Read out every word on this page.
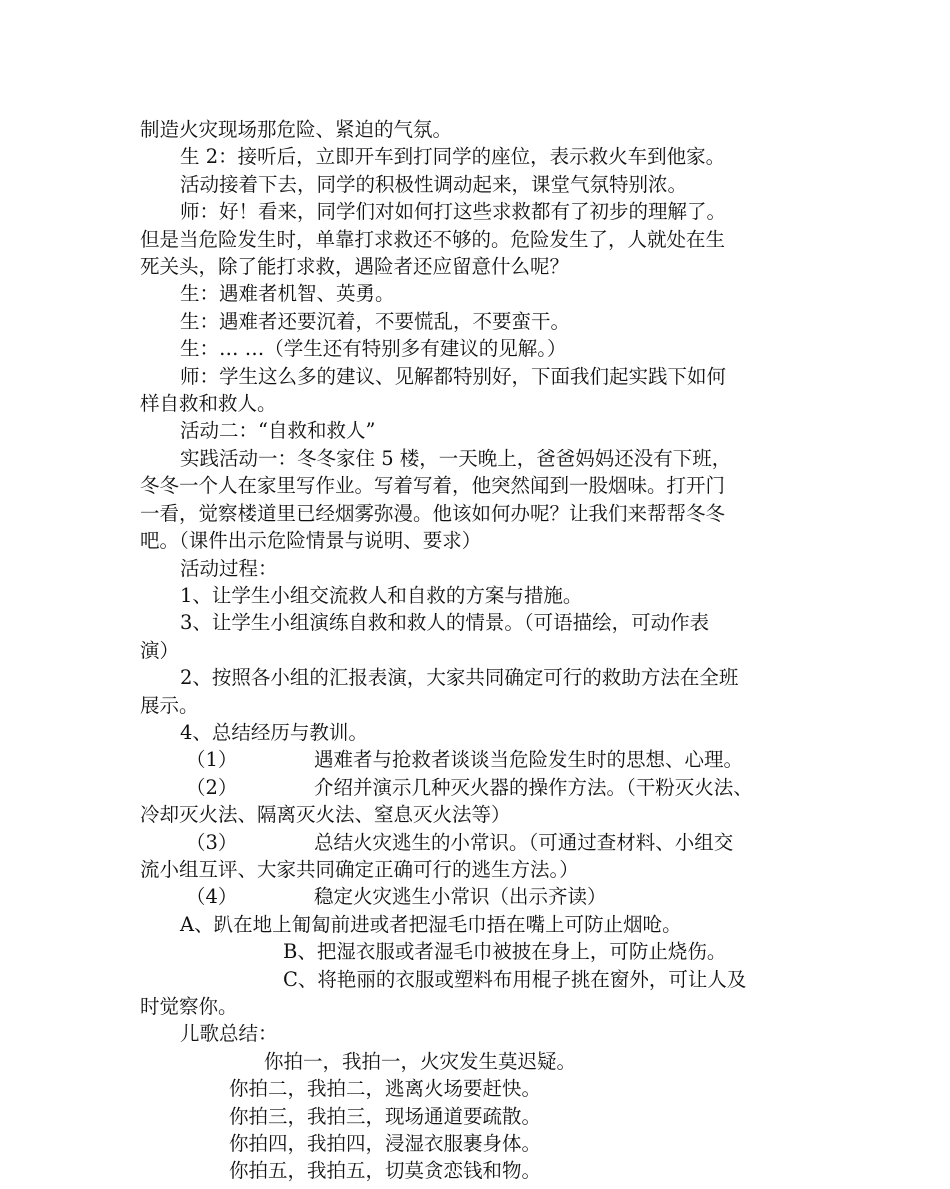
制造火灾现场那危险、紧迫的气氛。

生 2：接听后，立即开车到打同学的座位，表示救火车到他家。

活动接着下去，同学的积极性调动起来，课堂气氛特别浓。

师：好！看来，同学们对如何打这些求救都有了初步的理解了。

但是当危险发生时，单靠打求救还不够的。危险发生了，人就处在生

死关头，除了能打求救，遇险者还应留意什么呢？

生：遇难者机智、英勇。

生：遇难者还要沉着，不要慌乱，不要蛮干。

生：… …（学生还有特别多有建议的见解。）

师：学生这么多的建议、见解都特别好，下面我们起实践下如何

样自救和救人。

活动二：“自救和救人”

实践活动一：冬冬家住 5 楼，一天晚上，爸爸妈妈还没有下班，

冬冬一个人在家里写作业。写着写着，他突然闻到一股烟味。打开门

一看，觉察楼道里已经烟雾弥漫。他该如何办呢？让我们来帮帮冬冬

吧。（课件出示危险情景与说明、要求）

活动过程：

1、让学生小组交流救人和自救的方案与措施。

3、让学生小组演练自救和救人的情景。（可语描绘，可动作表

演）

2、按照各小组的汇报表演，大家共同确定可行的救助方法在全班

展示。

4、总结经历与教训。

（1）	遇难者与抢救者谈谈当危险发生时的思想、心理。

（2）	介绍并演示几种灭火器的操作方法。（干粉灭火法、

冷却灭火法、隔离灭火法、窒息灭火法等）

（3）	总结火灾逃生的小常识。（可通过查材料、小组交

流小组互评、大家共同确定正确可行的逃生方法。）

（4）	稳定火灾逃生小常识（出示齐读）

A、趴在地上匍匐前进或者把湿毛巾捂在嘴上可防止烟呛。

B、把湿衣服或者湿毛巾被披在身上，可防止烧伤。

C、将艳丽的衣服或塑料布用棍子挑在窗外，可让人及

时觉察你。

儿歌总结：

你拍一，我拍一，火灾发生莫迟疑。

你拍二，我拍二，逃离火场要赶快。

你拍三，我拍三，现场通道要疏散。

你拍四，我拍四，浸湿衣服裹身体。

你拍五，我拍五，切莫贪恋钱和物。
